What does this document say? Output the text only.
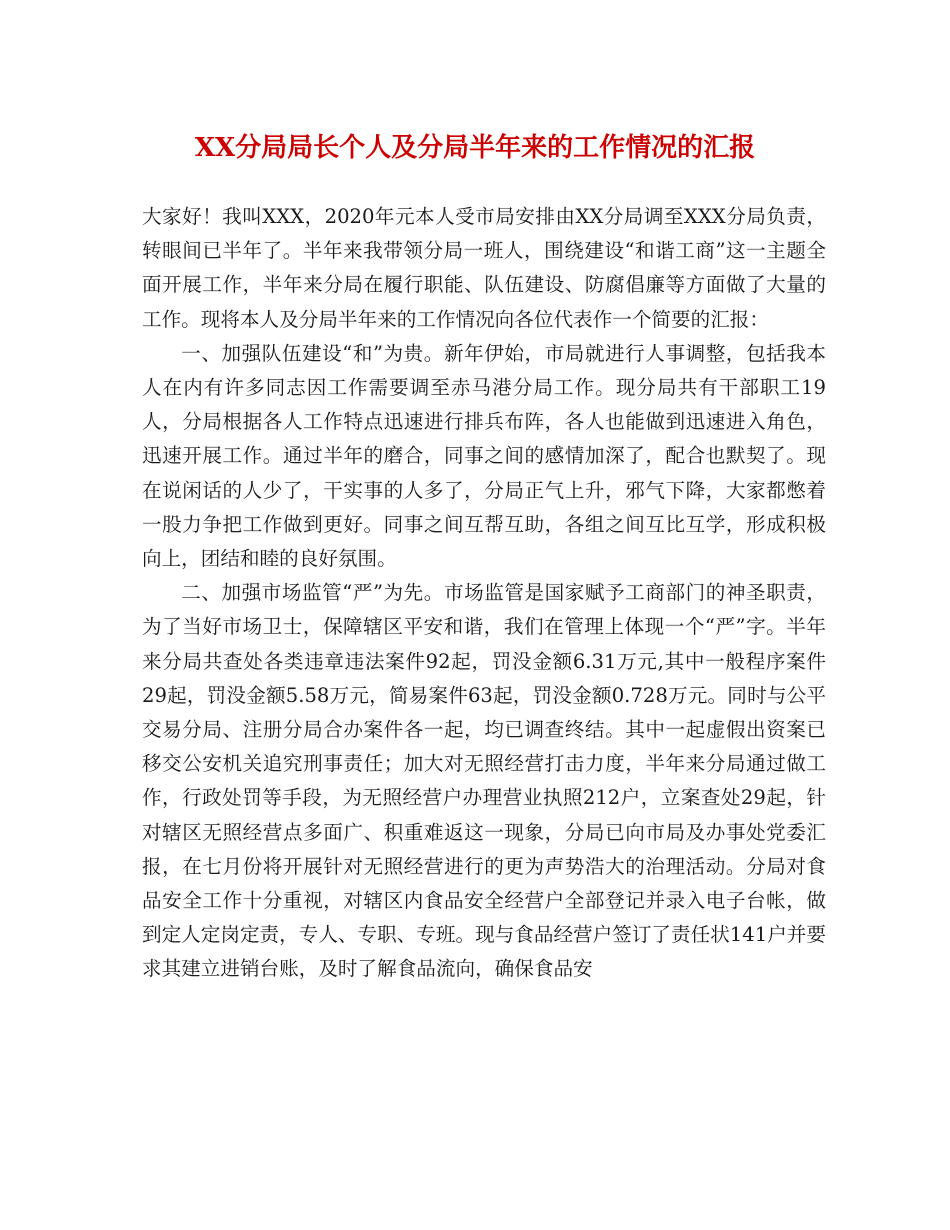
XX分局局长个人及分局半年来的工作情况的汇报

大家好！我叫XXX，2020年元本人受市局安排由XX分局调至XXX分局负责，转眼间已半年了。半年来我带领分局一班人，围绕建设“和谐工商”这一主题全面开展工作，半年来分局在履行职能、队伍建设、防腐倡廉等方面做了大量的工作。现将本人及分局半年来的工作情况向各位代表作一个简要的汇报：

一、加强队伍建设“和”为贵。新年伊始，市局就进行人事调整，包括我本人在内有许多同志因工作需要调至赤马港分局工作。现分局共有干部职工19人，分局根据各人工作特点迅速进行排兵布阵，各人也能做到迅速进入角色，迅速开展工作。通过半年的磨合，同事之间的感情加深了，配合也默契了。现在说闲话的人少了，干实事的人多了，分局正气上升，邪气下降，大家都憋着一股力争把工作做到更好。同事之间互帮互助，各组之间互比互学，形成积极向上，团结和睦的良好氛围。

二、加强市场监管“严”为先。市场监管是国家赋予工商部门的神圣职责，为了当好市场卫士，保障辖区平安和谐，我们在管理上体现一个“严”字。半年来分局共查处各类违章违法案件92起，罚没金额6.31万元,其中一般程序案件29起，罚没金额5.58万元，简易案件63起，罚没金额0.728万元。同时与公平交易分局、注册分局合办案件各一起，均已调查终结。其中一起虚假出资案已移交公安机关追究刑事责任；加大对无照经营打击力度，半年来分局通过做工作，行政处罚等手段，为无照经营户办理营业执照212户，立案查处29起，针对辖区无照经营点多面广、积重难返这一现象，分局已向市局及办事处党委汇报，在七月份将开展针对无照经营进行的更为声势浩大的治理活动。分局对食品安全工作十分重视，对辖区内食品安全经营户全部登记并录入电子台帐，做到定人定岗定责，专人、专职、专班。现与食品经营户签订了责任状141户并要求其建立进销台账，及时了解食品流向，确保食品安
